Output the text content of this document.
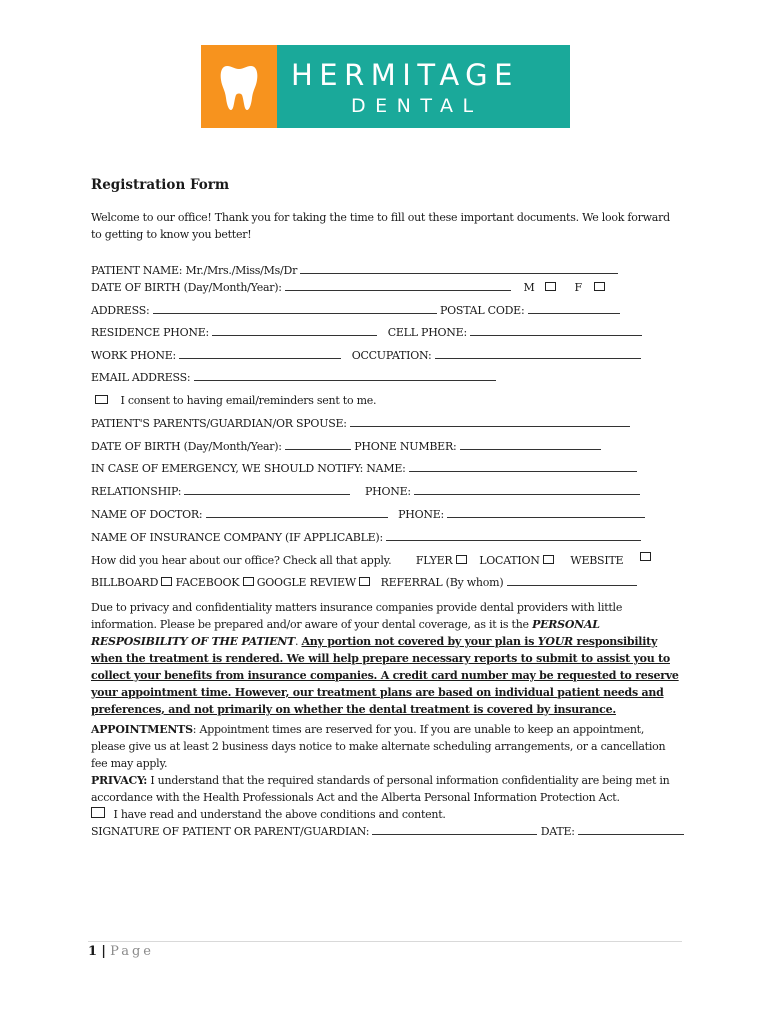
HERMITAGE
DENTAL
Registration Form
Welcome to our office! Thank you for taking the time to fill out these important documents. We look forward to getting to know you better!
PATIENT NAME: Mr./Mrs./Miss/Ms/Dr
DATE OF BIRTH (Day/Month/Year):	M	F
ADDRESS:	POSTAL CODE:
RESIDENCE PHONE:	CELL PHONE:
WORK PHONE:	OCCUPATION:
EMAIL ADDRESS:
I consent to having email/reminders sent to me.
PATIENT'S PARENTS/GUARDIAN/OR SPOUSE:
DATE OF BIRTH (Day/Month/Year):	PHONE NUMBER:
IN CASE OF EMERGENCY, WE SHOULD NOTIFY: NAME:
RELATIONSHIP:	PHONE:
NAME OF DOCTOR:	PHONE:
NAME OF INSURANCE COMPANY (IF APPLICABLE):
How did you hear about our office? Check all that apply. FLYER LOCATION	WEBSITE
BILLBOARD FACEBOOK GOOGLE REVIEW REFERRAL (By whom)
Due to privacy and confidentiality matters insurance companies provide dental providers with little information. Please be prepared and/or aware of your dental coverage, as it is the PERSONAL RESPOSIBILITY OF THE PATIENT. Any portion not covered by your plan is YOUR responsibility when the treatment is rendered. We will help prepare necessary reports to submit to assist you to collect your benefits from insurance companies. A credit card number may be requested to reserve your appointment time. However, our treatment plans are based on individual patient needs and preferences, and not primarily on whether the dental treatment is covered by insurance.
APPOINTMENTS: Appointment times are reserved for you. If you are unable to keep an appointment, please give us at least 2 business days notice to make alternate scheduling arrangements, or a cancellation fee may apply.
PRIVACY: I understand that the required standards of personal information confidentiality are being met in accordance with the Health Professionals Act and the Alberta Personal Information Protection Act.
I have read and understand the above conditions and content.
SIGNATURE OF PATIENT OR PARENT/GUARDIAN:	DATE:
1 | Page
